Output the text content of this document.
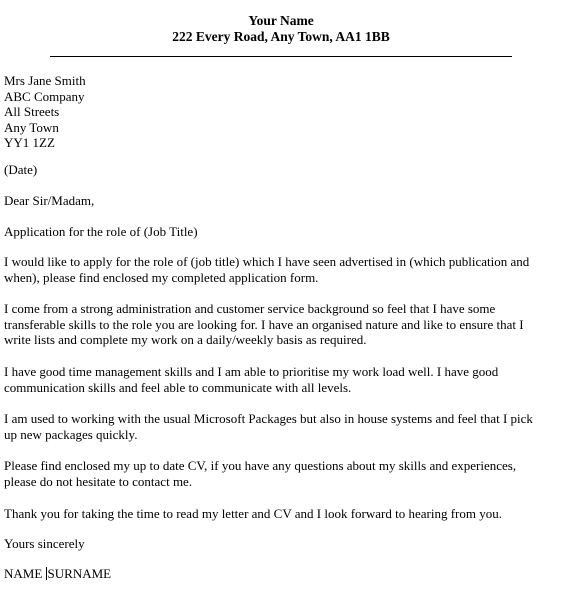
Your Name
222 Every Road, Any Town, AA1 1BB
Mrs Jane Smith
ABC Company
All Streets
Any Town
YY1 1ZZ
(Date)
Dear Sir/Madam,
Application for the role of (Job Title)
I would like to apply for the role of (job title) which I have seen advertised in (which publication and
when), please find enclosed my completed application form.
I come from a strong administration and customer service background so feel that I have some
transferable skills to the role you are looking for. I have an organised nature and like to ensure that I
write lists and complete my work on a daily/weekly basis as required.
I have good time management skills and I am able to prioritise my work load well. I have good
communication skills and feel able to communicate with all levels.
I am used to working with the usual Microsoft Packages but also in house systems and feel that I pick
up new packages quickly.
Please find enclosed my up to date CV, if you have any questions about my skills and experiences,
please do not hesitate to contact me.
Thank you for taking the time to read my letter and CV and I look forward to hearing from you.
Yours sincerely
NAME SURNAME
